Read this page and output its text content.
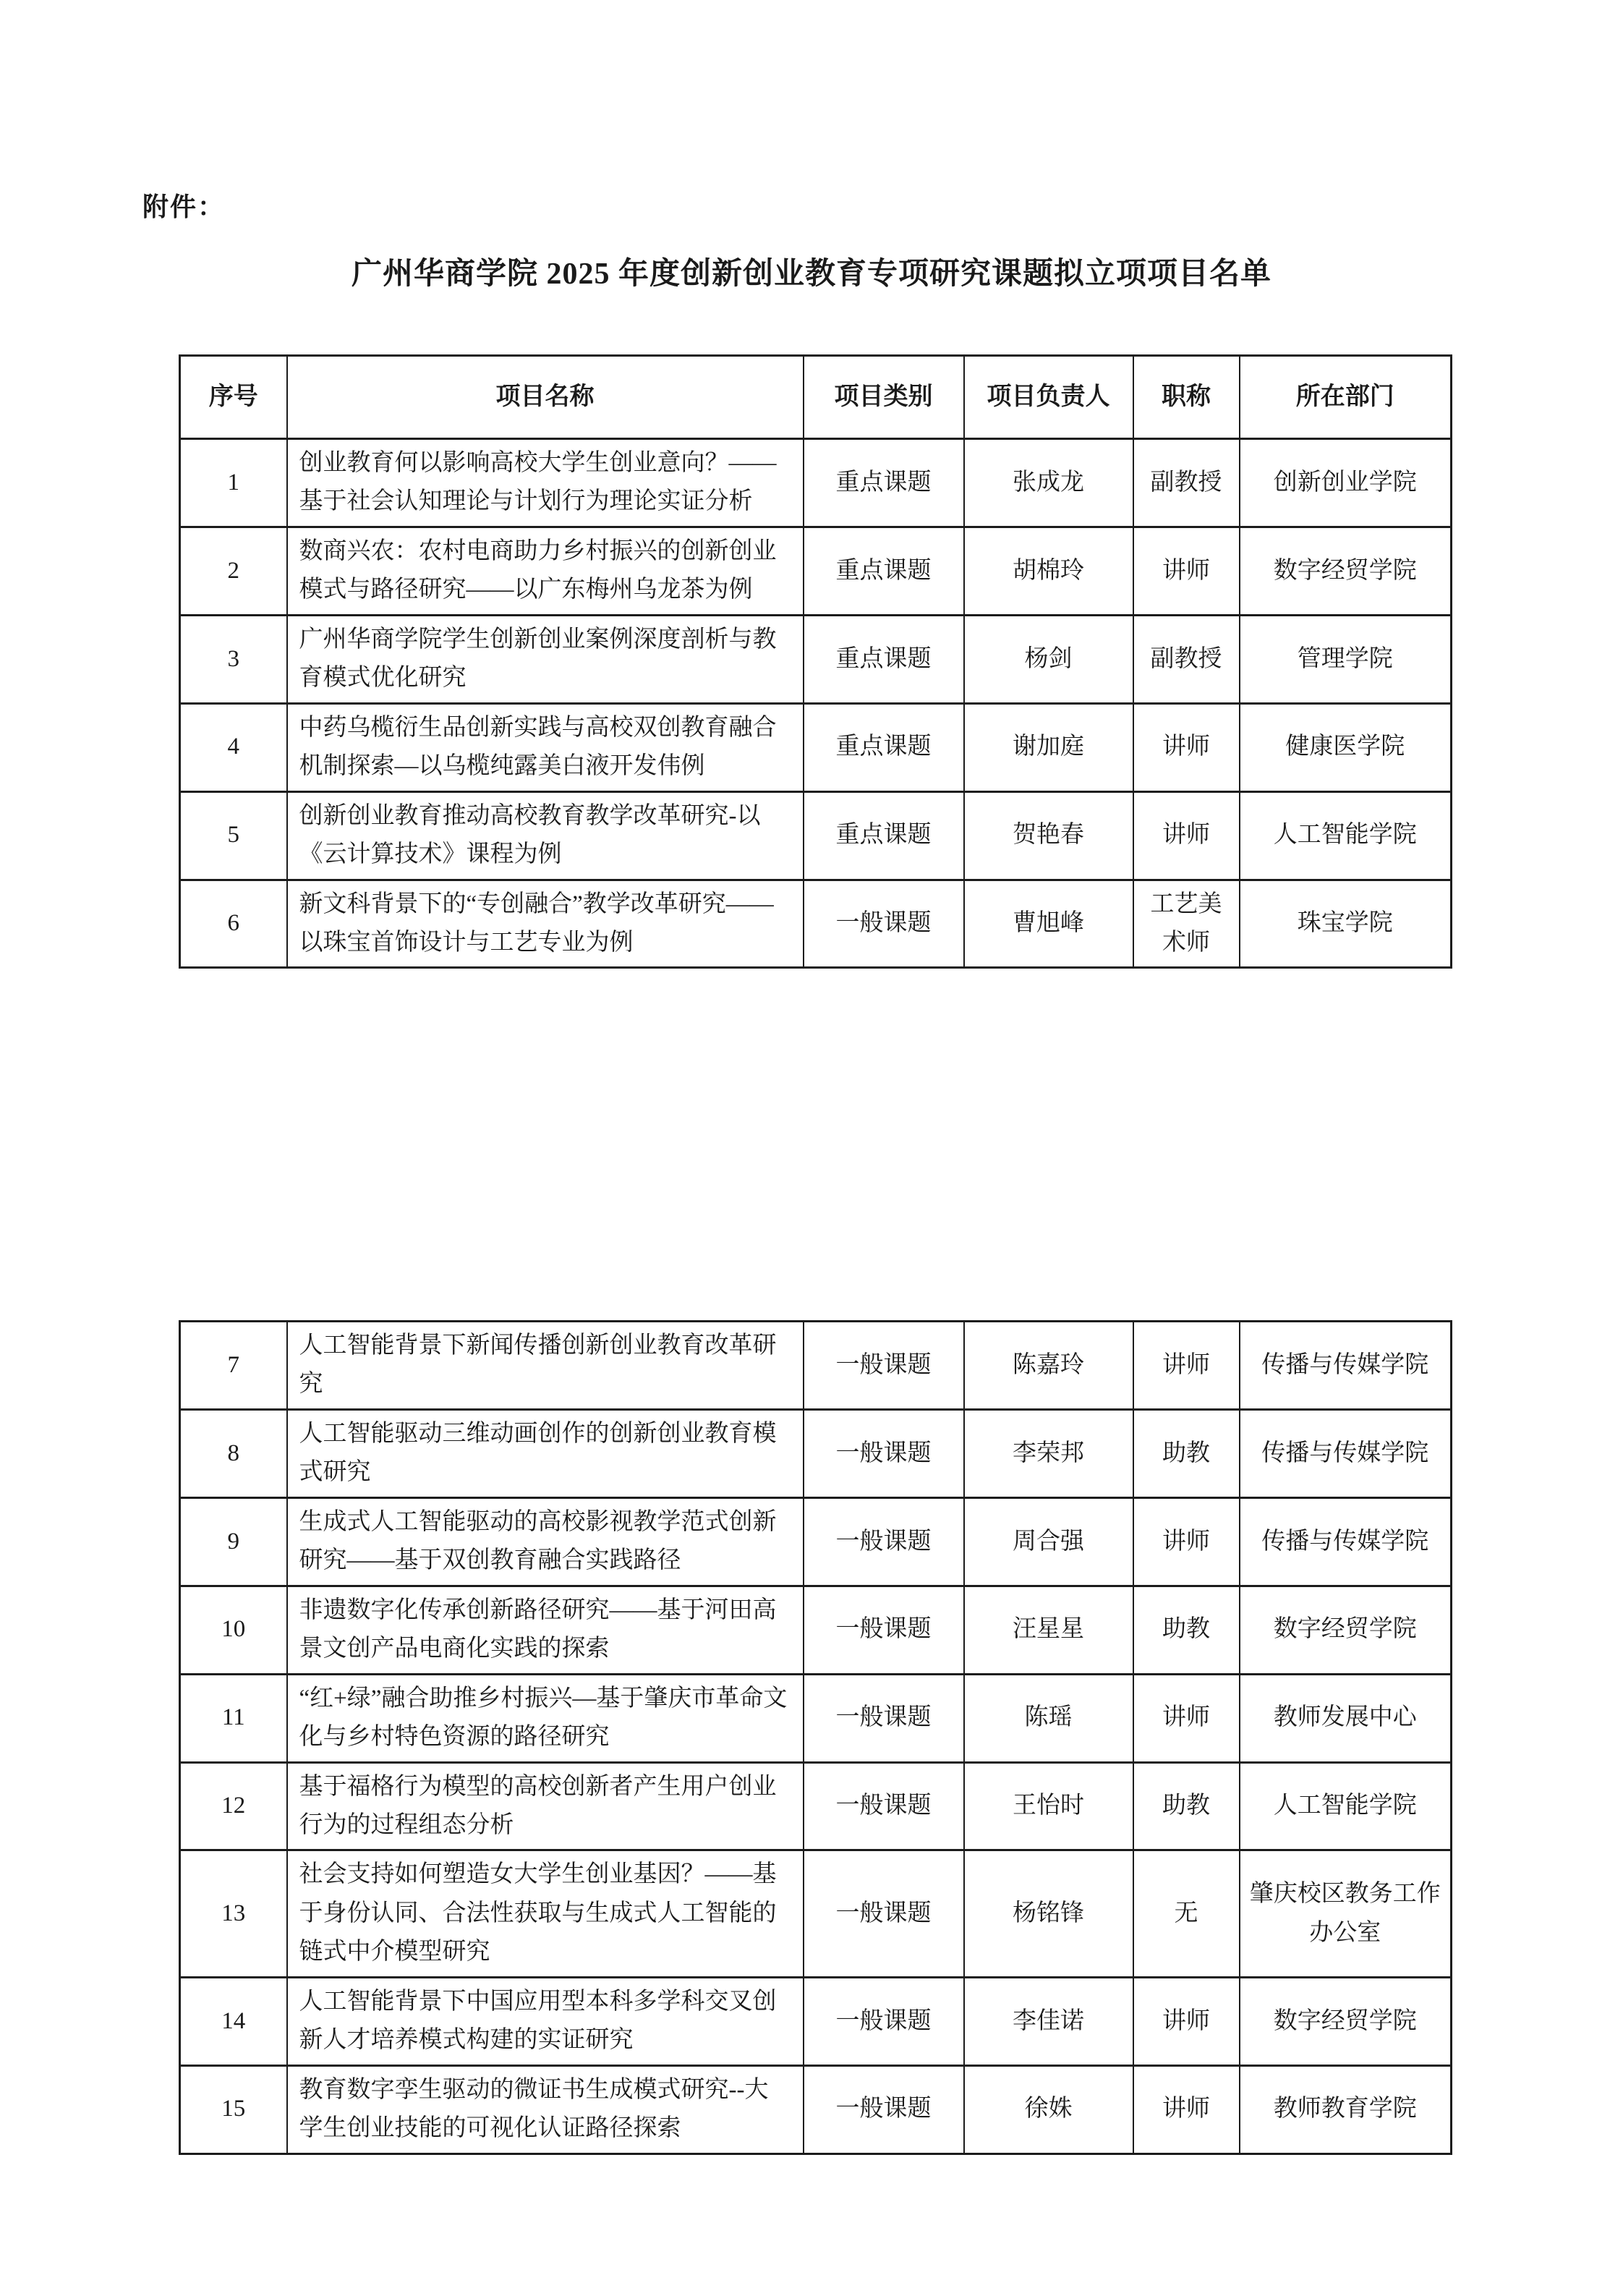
附件：
广州华商学院 2025 年度创新创业教育专项研究课题拟立项项目名单
序号	项目名称	项目类别	项目负责人	职称	所在部门
1	创业教育何以影响高校大学生创业意向？——基于社会认知理论与计划行为理论实证分析	重点课题	张成龙	副教授	创新创业学院
2	数商兴农：农村电商助力乡村振兴的创新创业模式与路径研究——以广东梅州乌龙茶为例	重点课题	胡棉玲	讲师	数字经贸学院
3	广州华商学院学生创新创业案例深度剖析与教育模式优化研究	重点课题	杨剑	副教授	管理学院
4	中药乌榄衍生品创新实践与高校双创教育融合机制探索—以乌榄纯露美白液开发伟例	重点课题	谢加庭	讲师	健康医学院
5	创新创业教育推动高校教育教学改革研究-以《云计算技术》课程为例	重点课题	贺艳春	讲师	人工智能学院
6	新文科背景下的“专创融合”教学改革研究——以珠宝首饰设计与工艺专业为例	一般课题	曹旭峰	工艺美术师	珠宝学院
7	人工智能背景下新闻传播创新创业教育改革研究	一般课题	陈嘉玲	讲师	传播与传媒学院
8	人工智能驱动三维动画创作的创新创业教育模式研究	一般课题	李荣邦	助教	传播与传媒学院
9	生成式人工智能驱动的高校影视教学范式创新研究——基于双创教育融合实践路径	一般课题	周合强	讲师	传播与传媒学院
10	非遗数字化传承创新路径研究——基于河田高景文创产品电商化实践的探索	一般课题	汪星星	助教	数字经贸学院
11	“红+绿”融合助推乡村振兴—基于肇庆市革命文化与乡村特色资源的路径研究	一般课题	陈瑶	讲师	教师发展中心
12	基于福格行为模型的高校创新者产生用户创业行为的过程组态分析	一般课题	王怡时	助教	人工智能学院
13	社会支持如何塑造女大学生创业基因？——基于身份认同、合法性获取与生成式人工智能的链式中介模型研究	一般课题	杨铭锋	无	肇庆校区教务工作办公室
14	人工智能背景下中国应用型本科多学科交叉创新人才培养模式构建的实证研究	一般课题	李佳诺	讲师	数字经贸学院
15	教育数字孪生驱动的微证书生成模式研究--大学生创业技能的可视化认证路径探索	一般课题	徐姝	讲师	教师教育学院
